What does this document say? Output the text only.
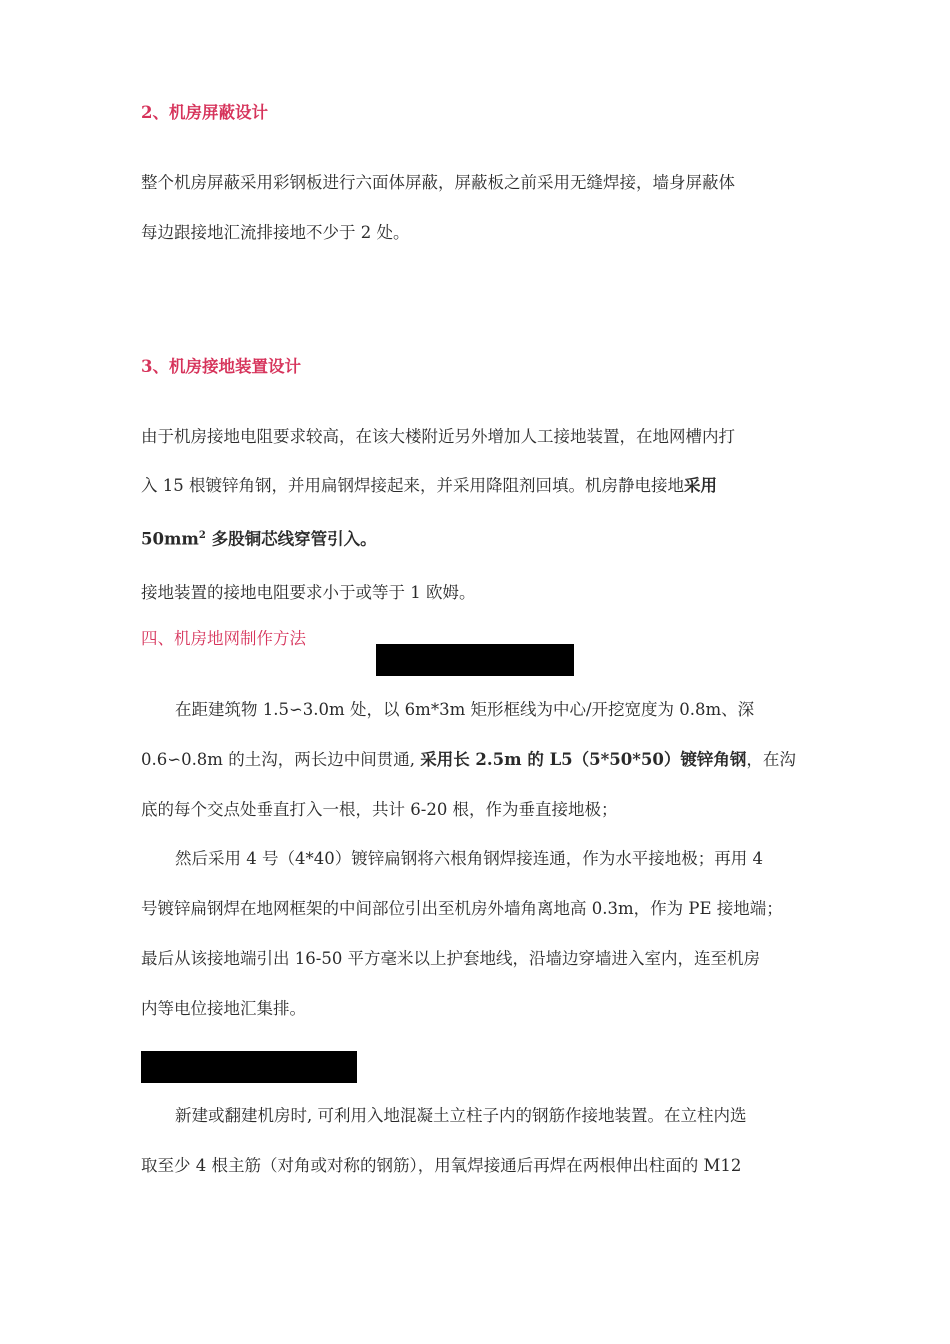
2、机房屏蔽设计

整个机房屏蔽采用彩钢板进行六面体屏蔽，屏蔽板之前采用无缝焊接，墙身屏蔽体

每边跟接地汇流排接地不少于 2 处。

3、机房接地装置设计

由于机房接地电阻要求较高，在该大楼附近另外增加人工接地装置，在地网槽内打

入 15 根镀锌角钢，并用扁钢焊接起来，并采用降阻剂回填。机房静电接地采用

$50mm^2$ 多股铜芯线穿管引入。

接地装置的接地电阻要求小于或等于 1 欧姆。

四、机房地网制作方法

在距建筑物 1.5∽3.0m 处，以 6m*3m 矩形框线为中心/开挖宽度为 0.8m、深

0.6∽0.8m 的土沟，两长边中间贯通, 采用长 2.5m 的 L5（5*50*50）镀锌角钢，在沟

底的每个交点处垂直打入一根，共计 6-20 根，作为垂直接地极；

然后采用 4 号（4*40）镀锌扁钢将六根角钢焊接连通，作为水平接地极；再用 4

号镀锌扁钢焊在地网框架的中间部位引出至机房外墙角离地高 0.3m，作为 PE 接地端；

最后从该接地端引出 16-50 平方毫米以上护套地线，沿墙边穿墙进入室内，连至机房

内等电位接地汇集排。

新建或翻建机房时, 可利用入地混凝土立柱子内的钢筋作接地装置。在立柱内选

取至少 4 根主筋（对角或对称的钢筋），用氧焊接通后再焊在两根伸出柱面的 M12
